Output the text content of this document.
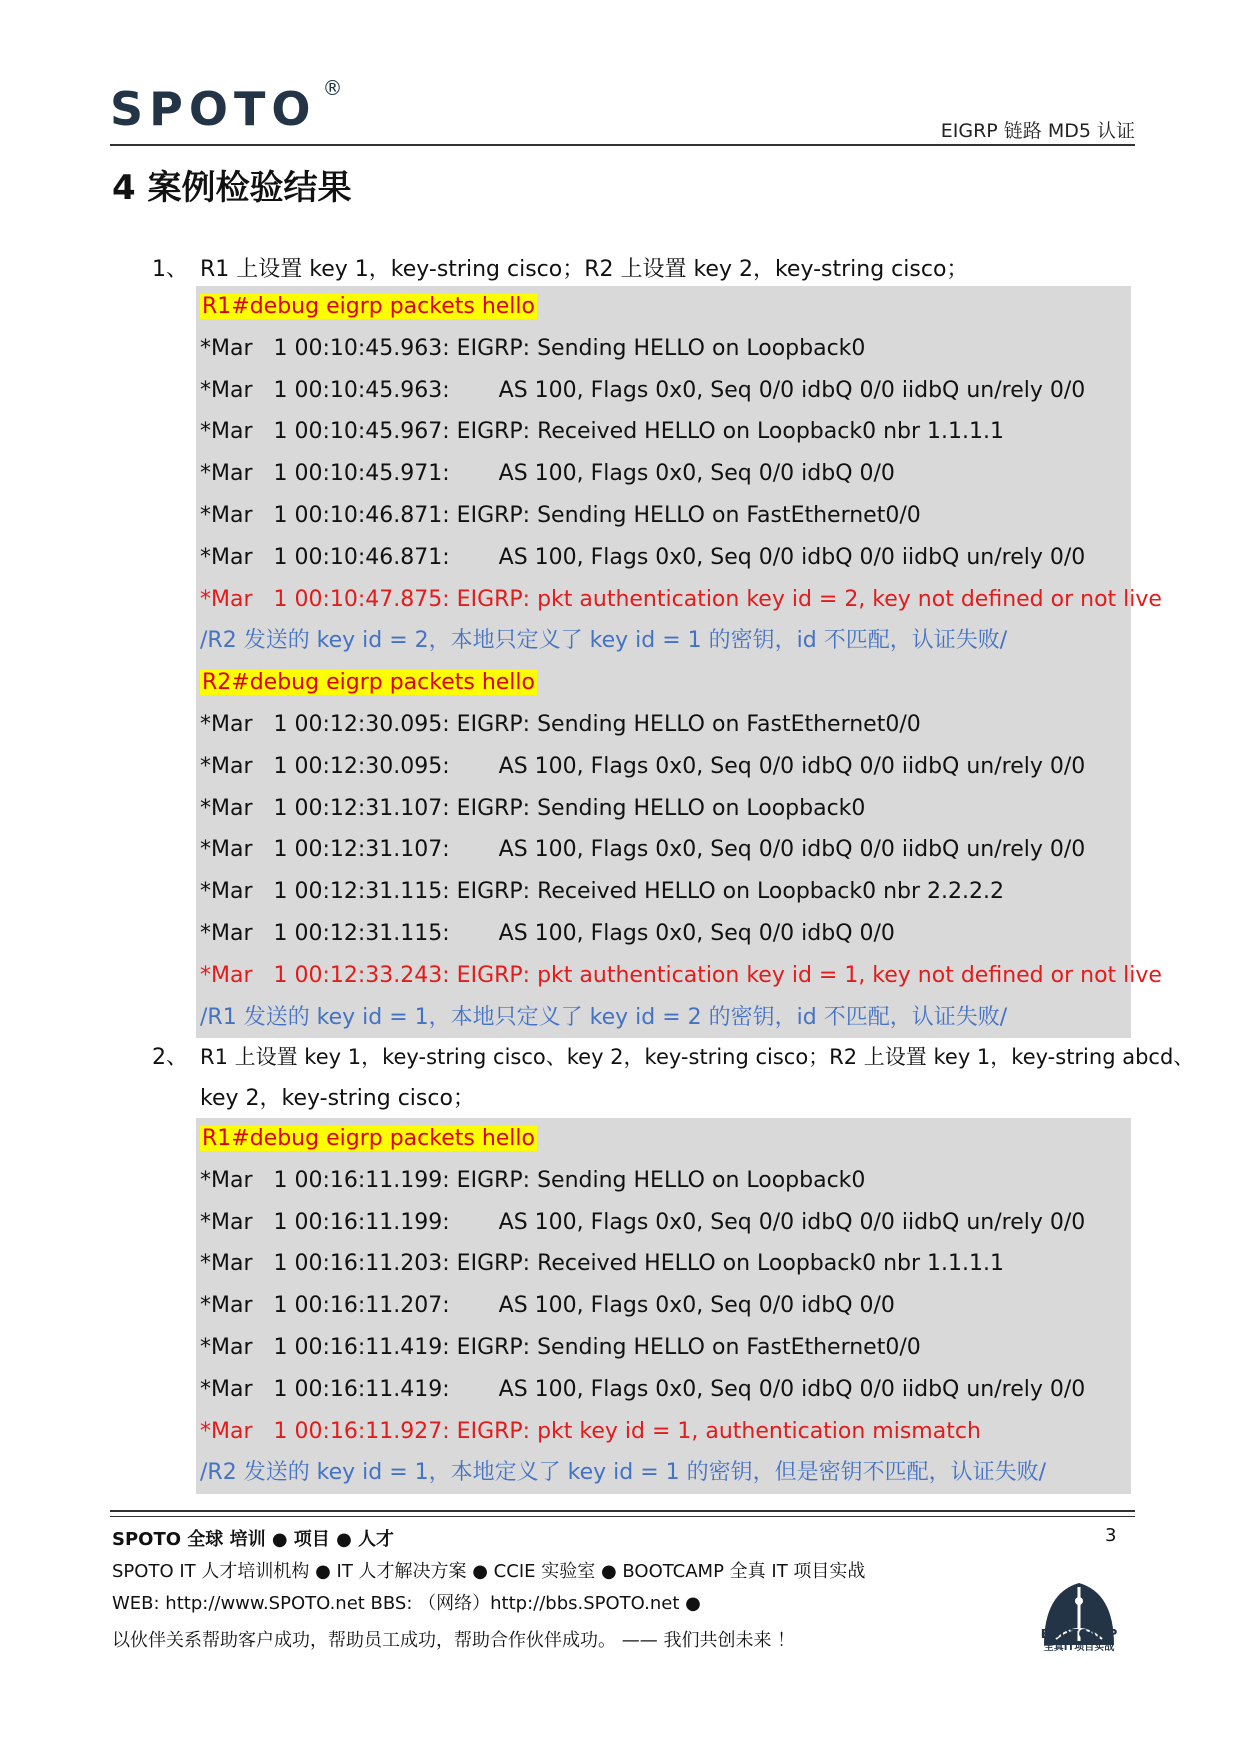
SPOTO ®
EIGRP 链路 MD5 认证
4 案例检验结果
1、 R1 上设置 key 1，key-string cisco；R2 上设置 key 2，key-string cisco；
R1#debug eigrp packets hello
*Mar   1 00:10:45.963: EIGRP: Sending HELLO on Loopback0
*Mar   1 00:10:45.963:       AS 100, Flags 0x0, Seq 0/0 idbQ 0/0 iidbQ un/rely 0/0
*Mar   1 00:10:45.967: EIGRP: Received HELLO on Loopback0 nbr 1.1.1.1
*Mar   1 00:10:45.971:       AS 100, Flags 0x0, Seq 0/0 idbQ 0/0
*Mar   1 00:10:46.871: EIGRP: Sending HELLO on FastEthernet0/0
*Mar   1 00:10:46.871:       AS 100, Flags 0x0, Seq 0/0 idbQ 0/0 iidbQ un/rely 0/0
*Mar   1 00:10:47.875: EIGRP: pkt authentication key id = 2, key not defined or not live
/R2 发送的 key id = 2，本地只定义了 key id = 1 的密钥，id 不匹配，认证失败/
R2#debug eigrp packets hello
*Mar   1 00:12:30.095: EIGRP: Sending HELLO on FastEthernet0/0
*Mar   1 00:12:30.095:       AS 100, Flags 0x0, Seq 0/0 idbQ 0/0 iidbQ un/rely 0/0
*Mar   1 00:12:31.107: EIGRP: Sending HELLO on Loopback0
*Mar   1 00:12:31.107:       AS 100, Flags 0x0, Seq 0/0 idbQ 0/0 iidbQ un/rely 0/0
*Mar   1 00:12:31.115: EIGRP: Received HELLO on Loopback0 nbr 2.2.2.2
*Mar   1 00:12:31.115:       AS 100, Flags 0x0, Seq 0/0 idbQ 0/0
*Mar   1 00:12:33.243: EIGRP: pkt authentication key id = 1, key not defined or not live
/R1 发送的 key id = 1，本地只定义了 key id = 2 的密钥，id 不匹配，认证失败/
2、 R1 上设置 key 1，key-string cisco、key 2，key-string cisco；R2 上设置 key 1，key-string abcd、
key 2，key-string cisco；
R1#debug eigrp packets hello
*Mar   1 00:16:11.199: EIGRP: Sending HELLO on Loopback0
*Mar   1 00:16:11.199:       AS 100, Flags 0x0, Seq 0/0 idbQ 0/0 iidbQ un/rely 0/0
*Mar   1 00:16:11.203: EIGRP: Received HELLO on Loopback0 nbr 1.1.1.1
*Mar   1 00:16:11.207:       AS 100, Flags 0x0, Seq 0/0 idbQ 0/0
*Mar   1 00:16:11.419: EIGRP: Sending HELLO on FastEthernet0/0
*Mar   1 00:16:11.419:       AS 100, Flags 0x0, Seq 0/0 idbQ 0/0 iidbQ un/rely 0/0
*Mar   1 00:16:11.927: EIGRP: pkt key id = 1, authentication mismatch
/R2 发送的 key id = 1，本地定义了 key id = 1 的密钥，但是密钥不匹配，认证失败/
SPOTO 全球 培训 ● 项目 ● 人才	3
SPOTO IT 人才培训机构 ● IT 人才解决方案 ● CCIE 实验室 ● BOOTCAMP 全真 IT 项目实战
WEB: http://www.SPOTO.net BBS: （网络）http://bbs.SPOTO.net ●
以伙伴关系帮助客户成功，帮助员工成功，帮助合作伙伴成功。 —— 我们共创未来 ！	BOOTCAMP
全真IT项目实战
